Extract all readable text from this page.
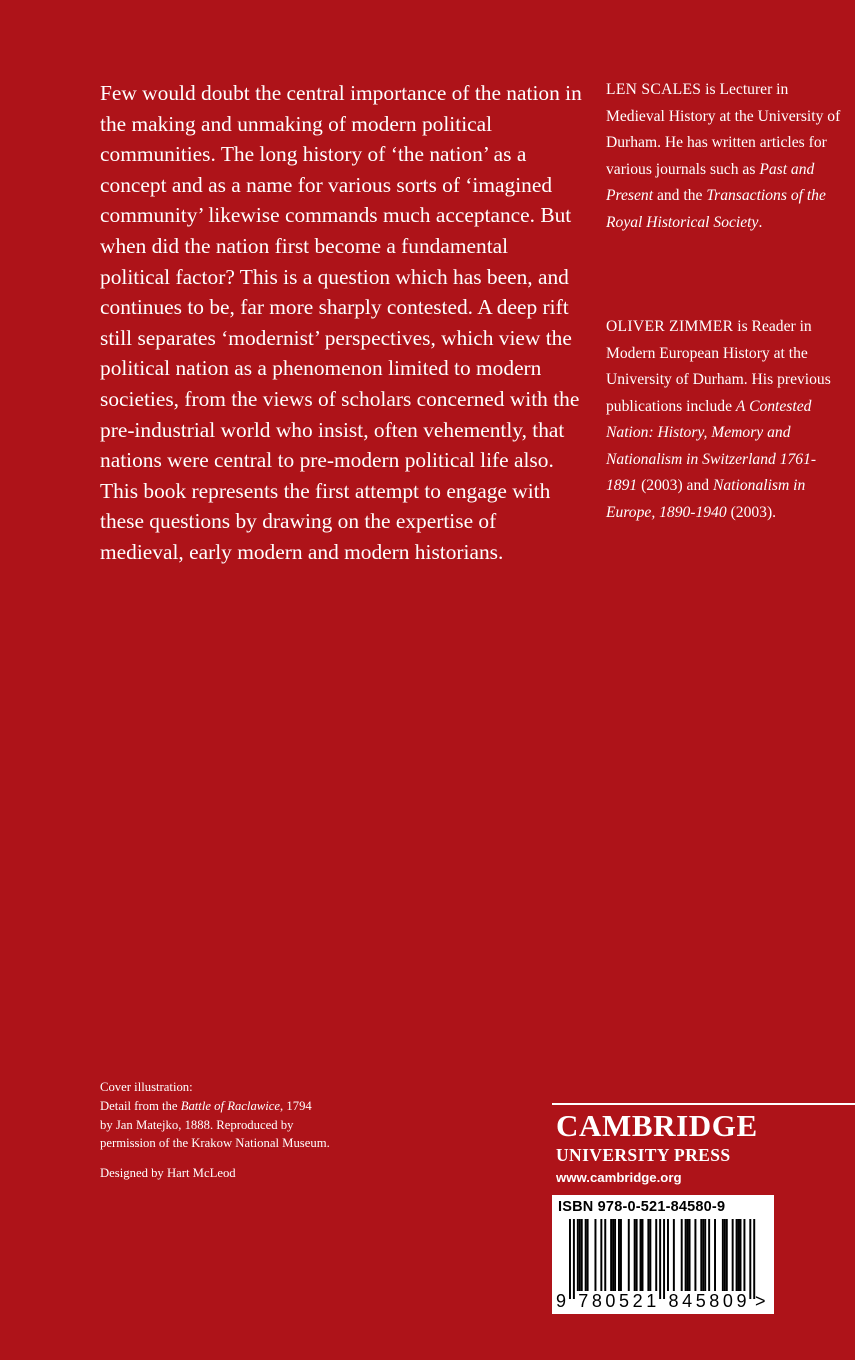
Few would doubt the central importance of the nation in the making and unmaking of modern political communities. The long history of ‘the nation’ as a concept and as a name for various sorts of ‘imagined community’ likewise commands much acceptance. But when did the nation first become a fundamental political factor? This is a question which has been, and continues to be, far more sharply contested. A deep rift still separates ‘modernist’ perspectives, which view the political nation as a phenomenon limited to modern societies, from the views of scholars concerned with the pre-industrial world who insist, often vehemently, that nations were central to pre-modern political life also. This book represents the first attempt to engage with these questions by drawing on the expertise of medieval, early modern and modern historians.

LEN SCALES is Lecturer in Medieval History at the University of Durham. He has written articles for various journals such as Past and Present and the Transactions of the Royal Historical Society.

OLIVER ZIMMER is Reader in Modern European History at the University of Durham. His previous publications include A Contested Nation: History, Memory and Nationalism in Switzerland 1761-1891 (2003) and Nationalism in Europe, 1890-1940 (2003).

Cover illustration:
Detail from the Battle of Raclawice, 1794
by Jan Matejko, 1888. Reproduced by
permission of the Krakow National Museum.
Designed by Hart McLeod
CAMBRIDGE
UNIVERSITY PRESS
www.cambridge.org
ISBN 978-0-521-84580-9
9 780521 845809 >
